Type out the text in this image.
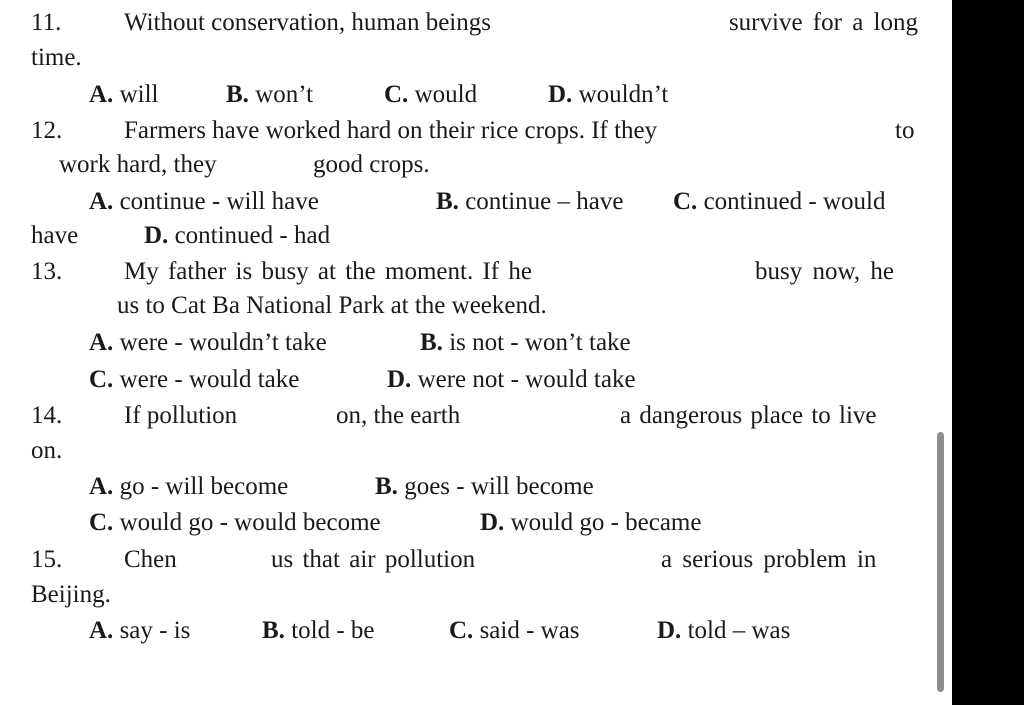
11.	Without conservation, human beings	survive for a long
time.
A. will	B. won’t	C. would	D. wouldn’t
12. Farmers have worked hard on their rice crops. If they	to
work hard, they	good crops.
A. continue - will have	B. continue – have C. continued - would
have	D. continued - had
13. My father is busy at the moment. If he	busy now, he
us to Cat Ba National Park at the weekend.
A. were - wouldn’t take	B. is not - won’t take
C. were - would take	D. were not - would take
14. If pollution	on, the earth	a dangerous place to live
on.
A. go - will become	B. goes - will become
C. would go - would become	D. would go - became
15. Chen	us that air pollution	a serious problem in
Beijing.
A. say - is	B. told - be	C. said - was	D. told – was
